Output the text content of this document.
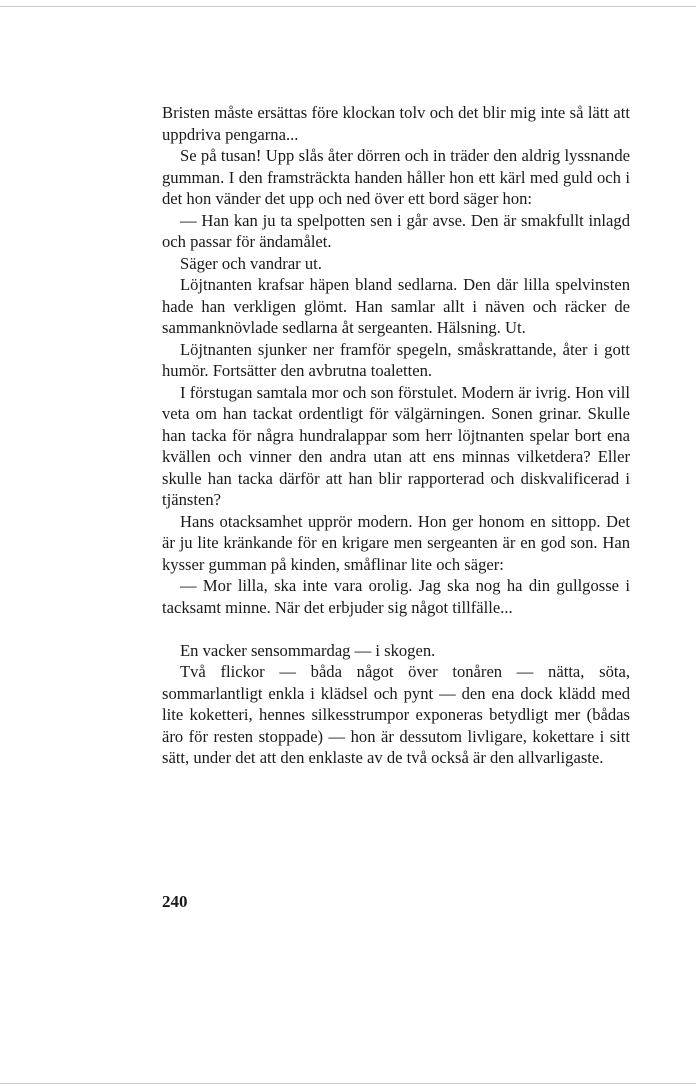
Bristen måste ersättas före klockan tolv och det blir mig inte så lätt att uppdriva pengarna...

Se på tusan! Upp slås åter dörren och in träder den aldrig lyssnande gumman. I den framsträckta handen håller hon ett kärl med guld och i det hon vänder det upp och ned över ett bord säger hon:

— Han kan ju ta spelpotten sen i går avse. Den är smakfullt inlagd och passar för ändamålet.

Säger och vandrar ut.

Löjtnanten krafsar häpen bland sedlarna. Den där lilla spelvinsten hade han verkligen glömt. Han samlar allt i näven och räcker de sammanknövlade sedlarna åt sergeanten. Hälsning. Ut.

Löjtnanten sjunker ner framför spegeln, småskrattande, åter i gott humör. Fortsätter den avbrutna toaletten.

I förstugan samtala mor och son förstulet. Modern är ivrig. Hon vill veta om han tackat ordentligt för välgärningen. Sonen grinar. Skulle han tacka för några hundralappar som herr löjtnanten spelar bort ena kvällen och vinner den andra utan att ens minnas vilketdera? Eller skulle han tacka därför att han blir rapporterad och diskvalificerad i tjänsten?

Hans otacksamhet upprör modern. Hon ger honom en sittopp. Det är ju lite kränkande för en krigare men sergeanten är en god son. Han kysser gumman på kinden, småflinar lite och säger:

— Mor lilla, ska inte vara orolig. Jag ska nog ha din gullgosse i tacksamt minne. När det erbjuder sig något tillfälle...

En vacker sensommardag — i skogen.

Två flickor — båda något över tonåren — nätta, söta, sommarlantligt enkla i klädsel och pynt — den ena dock klädd med lite koketteri, hennes silkesstrumpor exponeras betydligt mer (bådas äro för resten stoppade) — hon är dessutom livligare, kokettare i sitt sätt, under det att den enklaste av de två också är den allvarligaste.

240
